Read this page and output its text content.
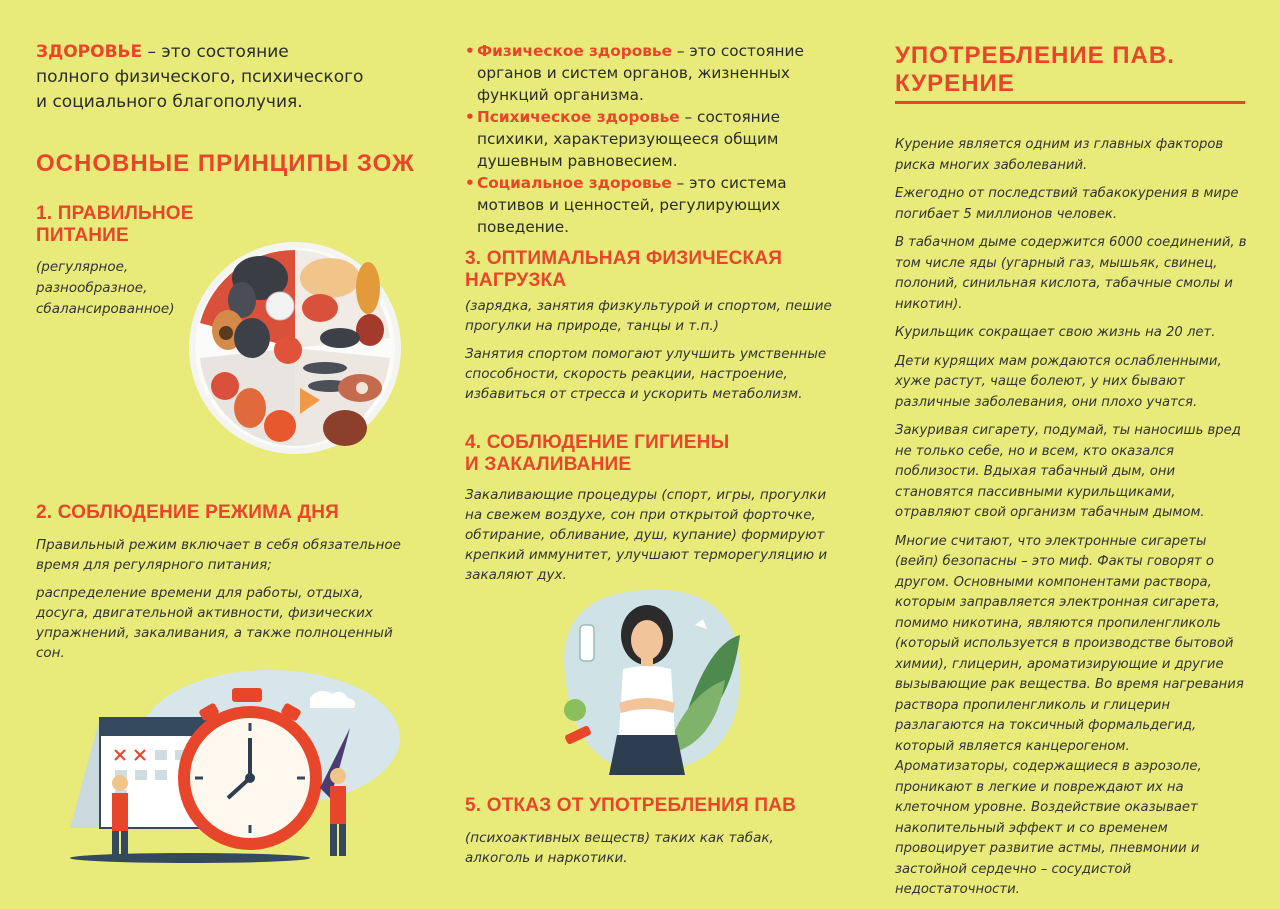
ЗДОРОВЬЕ – это состояние
полного физического, психического
и социального благополучия.
ОСНОВНЫЕ ПРИНЦИПЫ ЗОЖ
1. ПРАВИЛЬНОЕ
ПИТАНИЕ
(регулярное,
разнообразное,
сбалансированное)
2. СОБЛЮДЕНИЕ РЕЖИМА ДНЯ

Правильный режим включает в себя обязательное время для регулярного питания;

распределение времени для работы, отдыха, досуга, двигательной активности, физических упражнений, закаливания, а также полноценный сон.

• Физическое здоровье – это состояние органов и систем органов, жизненных функций организма.
• Психическое здоровье – состояние психики, характеризующееся общим душевным равновесием.
• Социальное здоровье – это система мотивов и ценностей, регулирующих поведение.
3. ОПТИМАЛЬНАЯ ФИЗИЧЕСКАЯ
НАГРУЗКА

(зарядка, занятия физкультурой и спортом, пешие прогулки на природе, танцы и т.п.)

Занятия спортом помогают улучшить умственные способности, скорость реакции, настроение, избавиться от стресса и ускорить метаболизм.

4. СОБЛЮДЕНИЕ ГИГИЕНЫ
И ЗАКАЛИВАНИЕ

Закаливающие процедуры (спорт, игры, прогулки на свежем воздухе, сон при открытой форточке, обтирание, обливание, душ, купание) формируют крепкий иммунитет, улучшают терморегуляцию и закаляют дух.

5. ОТКАЗ ОТ УПОТРЕБЛЕНИЯ ПАВ

(психоактивных веществ) таких как табак, алкоголь и наркотики.

УПОТРЕБЛЕНИЕ ПАВ.
КУРЕНИЕ

Курение является одним из главных факторов риска многих заболеваний.

Ежегодно от последствий табакокурения в мире погибает 5 миллионов человек.

В табачном дыме содержится 6000 соединений, в том числе яды (угарный газ, мышьяк, свинец, полоний, синильная кислота, табачные смолы и никотин).

Курильщик сокращает свою жизнь на 20 лет.

Дети курящих мам рождаются ослабленными, хуже растут, чаще болеют, у них бывают различные заболевания, они плохо учатся.

Закуривая сигарету, подумай, ты наносишь вред не только себе, но и всем, кто оказался поблизости. Вдыхая табачный дым, они становятся пассивными курильщиками, отравляют свой организм табачным дымом.

Многие считают, что электронные сигареты (вейп) безопасны – это миф. Факты говорят о другом. Основными компонентами раствора, которым заправляется электронная сигарета, помимо никотина, являются пропиленгликоль (который используется в производстве бытовой химии), глицерин, ароматизирующие и другие вызывающие рак вещества. Во время нагревания раствора пропиленгликоль и глицерин разлагаются на токсичный формальдегид, который является канцерогеном. Ароматизаторы, содержащиеся в аэрозоле, проникают в легкие и повреждают их на клеточном уровне. Воздействие оказывает накопительный эффект и со временем провоцирует развитие астмы, пневмонии и застойной сердечно – сосудистой недостаточности.
